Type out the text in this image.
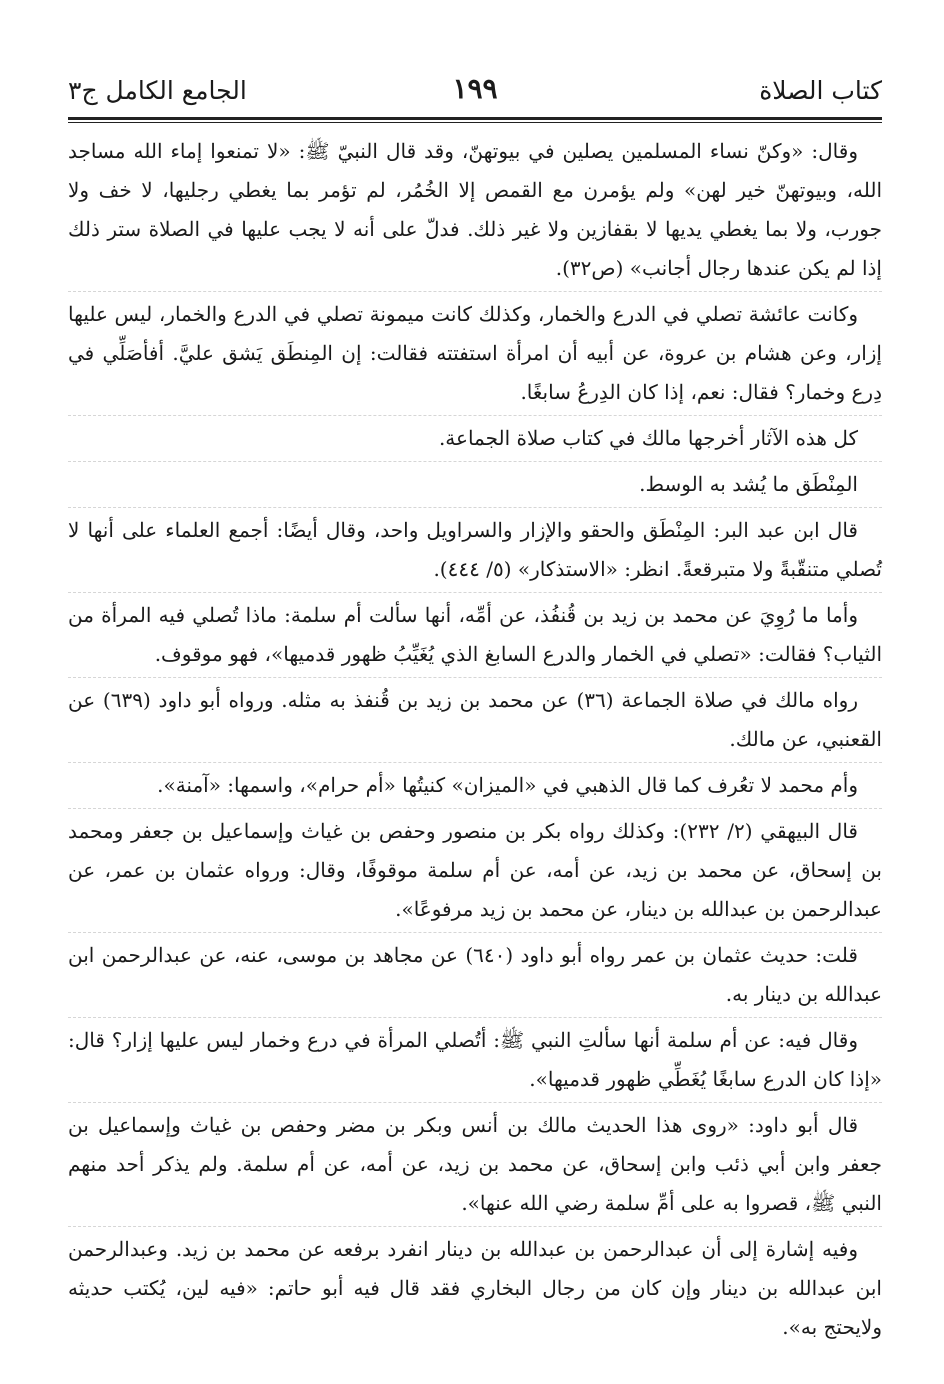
كتاب الصلاة
١٩٩
الجامع الكامل ج٣

وقال: «وكنّ نساء المسلمين يصلين في بيوتهنّ، وقد قال النبيّ ﷺ: «لا تمنعوا إماء الله مساجد الله، وبيوتهنّ خير لهن» ولم يؤمرن مع القمص إلا الخُمُر، لم تؤمر بما يغطي رجليها، لا خف ولا جورب، ولا بما يغطي يديها لا بقفازين ولا غير ذلك. فدلّ على أنه لا يجب عليها في الصلاة ستر ذلك إذا لم يكن عندها رجال أجانب» (ص٣٢).

وكانت عائشة تصلي في الدرع والخمار، وكذلك كانت ميمونة تصلي في الدرع والخمار، ليس عليها إزار، وعن هشام بن عروة، عن أبيه أن امرأة استفتته فقالت: إن المِنطَق يَشق عليَّ. أفأصَلِّي في دِرع وخمار؟ فقال: نعم، إذا كان الدِرعُ سابغًا.

كل هذه الآثار أخرجها مالك في كتاب صلاة الجماعة.

المِنْطَق ما يُشد به الوسط.

قال ابن عبد البر: المِنْطَق والحقو والإزار والسراويل واحد، وقال أيضًا: أجمع العلماء على أنها لا تُصلي متنقّبةً ولا متبرقعةً. انظر: «الاستذكار» (٥/ ٤٤٤).

وأما ما رُوِيَ عن محمد بن زيد بن قُنفُذ، عن أمِّه، أنها سألت أم سلمة: ماذا تُصلي فيه المرأة من الثياب؟ فقالت: «تصلي في الخمار والدرع السابغ الذي يُغَيِّبُ ظهور قدميها»، فهو موقوف.

رواه مالك في صلاة الجماعة (٣٦) عن محمد بن زيد بن قُنفذ به مثله. ورواه أبو داود (٦٣٩) عن القعنبي، عن مالك.

وأم محمد لا تعُرف كما قال الذهبي في «الميزان» كنيتُها «أم حرام»، واسمها: «آمنة».

قال البيهقي (٢/ ٢٣٢): وكذلك رواه بكر بن منصور وحفص بن غياث وإسماعيل بن جعفر ومحمد بن إسحاق، عن محمد بن زيد، عن أمه، عن أم سلمة موقوفًا، وقال: ورواه عثمان بن عمر، عن عبدالرحمن بن عبدالله بن دينار، عن محمد بن زيد مرفوعًا».

قلت: حديث عثمان بن عمر رواه أبو داود (٦٤٠) عن مجاهد بن موسى، عنه، عن عبدالرحمن ابن عبدالله بن دينار به.

وقال فيه: عن أم سلمة أنها سألتِ النبي ﷺ: أتُصلي المرأة في درع وخمار ليس عليها إزار؟ قال: «إذا كان الدرع سابغًا يُغَطِّي ظهور قدميها».

قال أبو داود: «روى هذا الحديث مالك بن أنس وبكر بن مضر وحفص بن غياث وإسماعيل بن جعفر وابن أبي ذئب وابن إسحاق، عن محمد بن زيد، عن أمه، عن أم سلمة. ولم يذكر أحد منهم النبي ﷺ، قصروا به على أمِّ سلمة رضي الله عنها».

وفيه إشارة إلى أن عبدالرحمن بن عبدالله بن دينار انفرد برفعه عن محمد بن زيد. وعبدالرحمن ابن عبدالله بن دينار وإن كان من رجال البخاري فقد قال فيه أبو حاتم: «فيه لين، يُكتب حديثه ولايحتج به».
